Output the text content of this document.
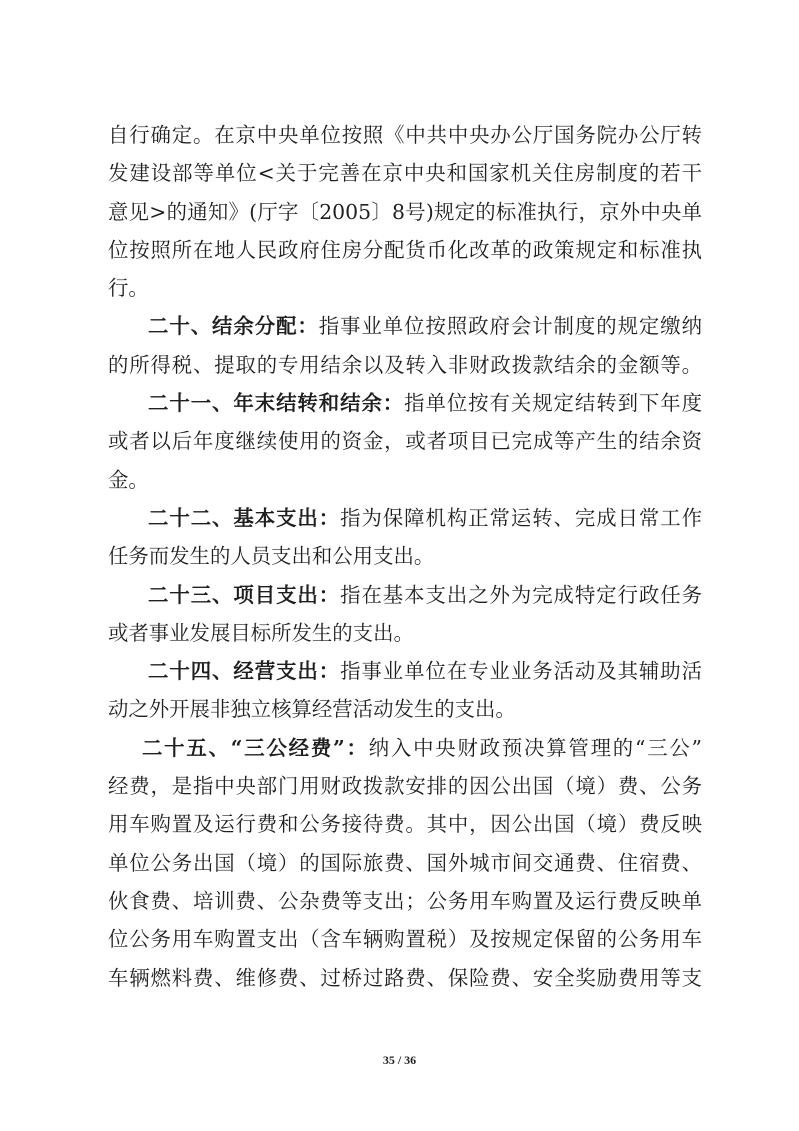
自行确定。在京中央单位按照《中共中央办公厅国务院办公厅转
发建设部等单位<关于完善在京中央和国家机关住房制度的若干
意见>的通知》(厅字〔2005〕8号)规定的标准执行，京外中央单
位按照所在地人民政府住房分配货币化改革的政策规定和标准执
行。
二十、结余分配：指事业单位按照政府会计制度的规定缴纳
的所得税、提取的专用结余以及转入非财政拨款结余的金额等。
二十一、年末结转和结余：指单位按有关规定结转到下年度
或者以后年度继续使用的资金，或者项目已完成等产生的结余资
金。
二十二、基本支出：指为保障机构正常运转、完成日常工作
任务而发生的人员支出和公用支出。
二十三、项目支出：指在基本支出之外为完成特定行政任务
或者事业发展目标所发生的支出。
二十四、经营支出：指事业单位在专业业务活动及其辅助活
动之外开展非独立核算经营活动发生的支出。
二十五、“三公经费”：纳入中央财政预决算管理的“三公”
经费，是指中央部门用财政拨款安排的因公出国（境）费、公务
用车购置及运行费和公务接待费。其中，因公出国（境）费反映
单位公务出国（境）的国际旅费、国外城市间交通费、住宿费、
伙食费、培训费、公杂费等支出；公务用车购置及运行费反映单
位公务用车购置支出（含车辆购置税）及按规定保留的公务用车
车辆燃料费、维修费、过桥过路费、保险费、安全奖励费用等支
35 / 36
